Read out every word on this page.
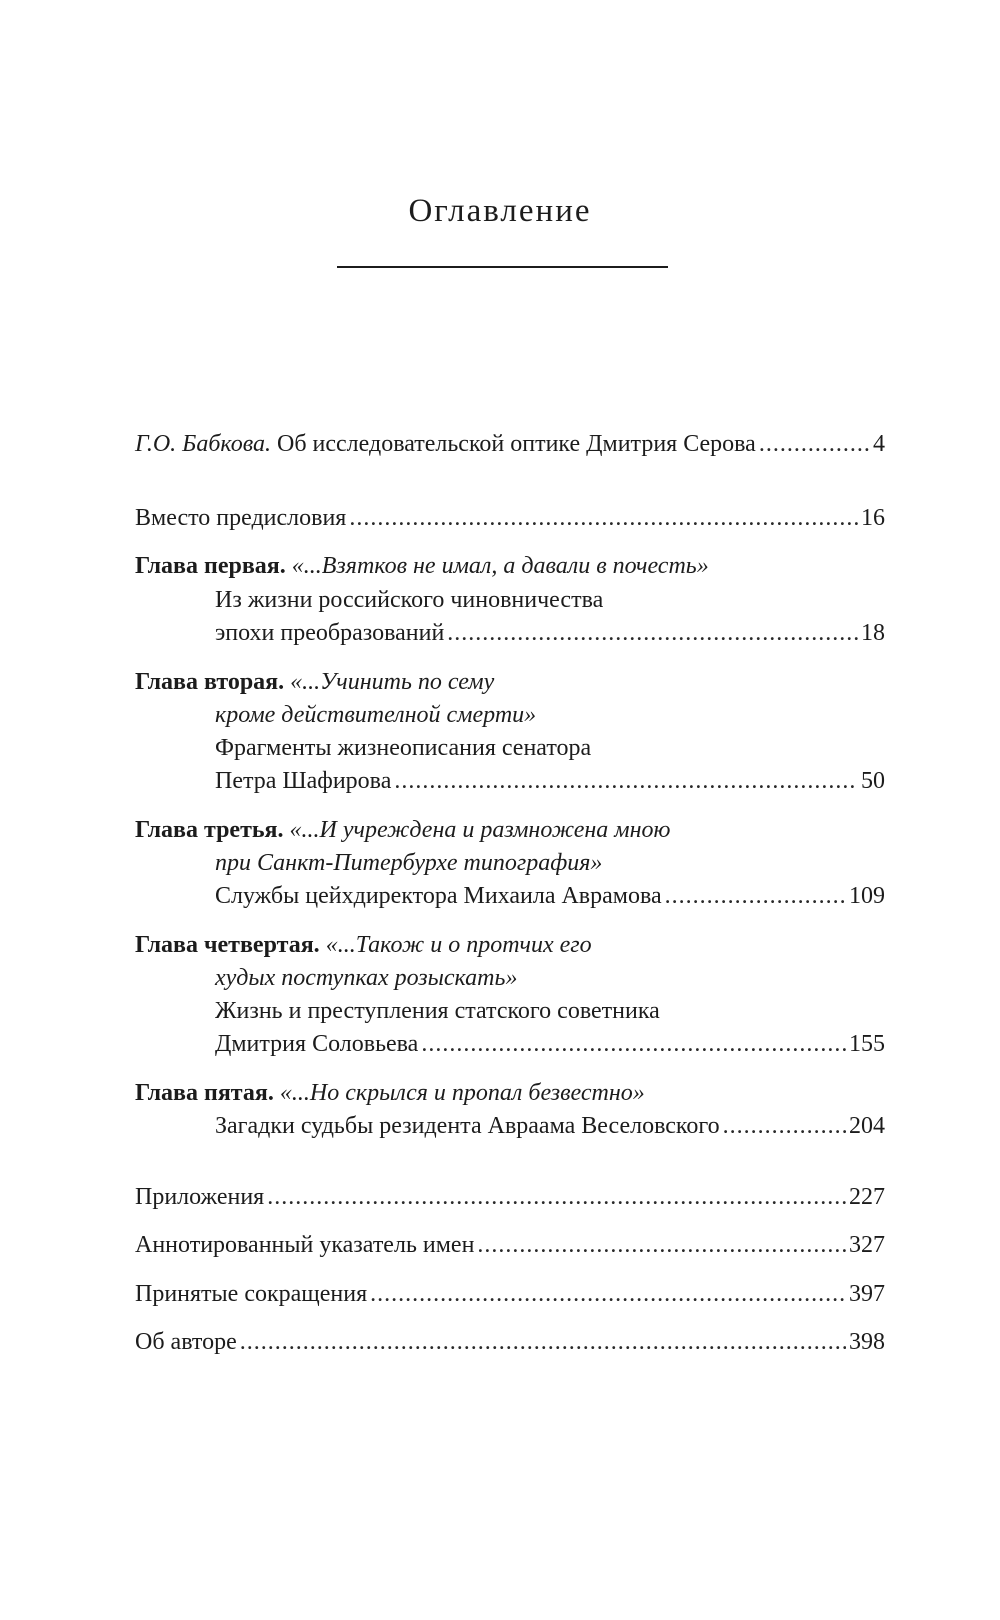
Оглавление
Г.О. Бабкова. Об исследовательской оптике Дмитрия Серова .....	4
Вместо предисловия .....	16
Глава первая. «...Взятков не имал, а давали в почесть»
Из жизни российского чиновничества
эпохи преобразований .....	18
Глава вторая. «...Учинить по сему
кроме действителной смерти»
Фрагменты жизнеописания сенатора
Петра Шафирова .....	50
Глава третья. «...И учреждена и размножена мною
при Санкт-Питербурхе типография»
Службы цейхдиректора Михаила Аврамова .....	109
Глава четвертая. «...Також и о протчих его
худых поступках розыскать»
Жизнь и преступления статского советника
Дмитрия Соловьева .....	155
Глава пятая. «...Но скрылся и пропал безвестно»
Загадки судьбы резидента Авраама Веселовского .....	204
Приложения .....	227
Аннотированный указатель имен .....	327
Принятые сокращения .....	397
Об авторе .....	398
